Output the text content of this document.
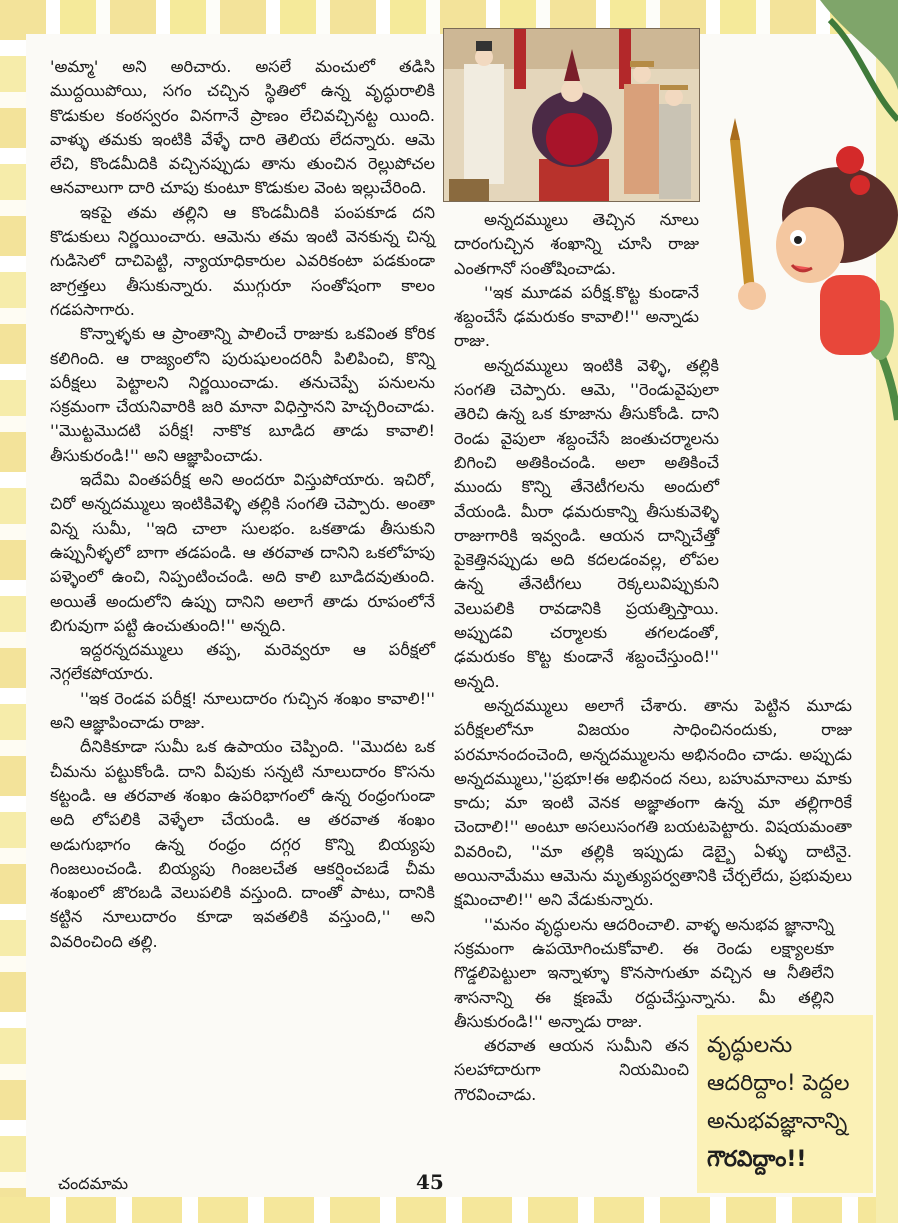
'అమ్మా' అని అరిచారు. అసలే మంచులో తడిసి ముద్దయిపోయి, సగం చచ్చిన స్థితిలో ఉన్న వృద్ధురాలికి కొడుకుల కంఠస్వరం వినగానే ప్రాణం లేచివచ్చినట్ట యింది. వాళ్ళు తమకు ఇంటికి వేళ్ళే దారి తెలియ లేదన్నారు. ఆమె లేచి, కొండమీదికి వచ్చినప్పుడు తాను తుంచిన రెల్లుపోచల ఆనవాలుగా దారి చూపు కుంటూ కొడుకుల వెంట ఇల్లుచేరింది.

ఇకపై తమ తల్లిని ఆ కొండమీదికి పంపకూడ దని కొడుకులు నిర్ణయించారు. ఆమెను తమ ఇంటి వెనకున్న చిన్న గుడిసెలో దాచిపెట్టి, న్యాయాధికారుల ఎవరికంటా పడకుండా జాగ్రత్తలు తీసుకున్నారు. ముగ్గురూ సంతోషంగా కాలం గడపసాగారు.

కొన్నాళ్ళకు ఆ ప్రాంతాన్ని పాలించే రాజుకు ఒకవింత కోరిక కలిగింది. ఆ రాజ్యంలోని పురుషులందరినీ పిలిపించి, కొన్ని పరీక్షలు పెట్టాలని నిర్ణయించాడు. తనుచెప్పే పనులను సక్రమంగా చేయనివారికి జరి మానా విధిస్తానని హెచ్చరించాడు. ''మొట్టమొదటి పరీక్ష! నాకొక బూడిద తాడు కావాలి! తీసుకురండి!'' అని ఆజ్ఞాపించాడు.

ఇదేమి వింతపరీక్ష అని అందరూ విస్తుపోయారు. ఇచిరో, చిరో అన్నదమ్ములు ఇంటికివెళ్ళి తల్లికి సంగతి చెప్పారు. అంతా విన్న సుమీ, ''ఇది చాలా సులభం. ఒకతాడు తీసుకుని ఉప్పునీళ్ళలో బాగా తడపండి. ఆ తరవాత దానిని ఒకలోహపు పళ్ళెంలో ఉంచి, నిప్పంటించండి. అది కాలి బూడిదవుతుంది. అయితే అందులోని ఉప్పు దానిని అలాగే తాడు రూపంలోనే బిగువుగా పట్టి ఉంచుతుంది!'' అన్నది.

ఇద్దరన్నదమ్ములు తప్ప, మరెవ్వరూ ఆ పరీక్షలో నెగ్గలేకపోయారు.

''ఇక రెండవ పరీక్ష! నూలుదారం గుచ్చిన శంఖం కావాలి!'' అని ఆజ్ఞాపించాడు రాజు.

దీనికికూడా సుమీ ఒక ఉపాయం చెప్పింది. ''మొదట ఒక చీమను పట్టుకోండి. దాని వీపుకు సన్నటి నూలుదారం కొసను కట్టండి. ఆ తరవాత శంఖం ఉపరిభాగంలో ఉన్న రంధ్రంగుండా అది లోపలికి వెళ్ళేలా చేయండి. ఆ తరవాత శంఖం అడుగుభాగం ఉన్న రంధ్రం దగ్గర కొన్ని బియ్యపు గింజలుంచండి. బియ్యపు గింజలచేత ఆకర్షించబడే చీమ శంఖంలో జొరబడి వెలుపలికి వస్తుంది. దాంతో పాటు, దానికి కట్టిన నూలుదారం కూడా ఇవతలికి వస్తుంది,'' అని వివరించింది తల్లి.

అన్నదమ్ములు తెచ్చిన నూలు దారంగుచ్చిన శంఖాన్ని చూసి రాజు ఎంతగానో సంతోషించాడు.

''ఇక మూడవ పరీక్ష.కొట్ట కుండానే శబ్దంచేసే ఢమరుకం కావాలి!'' అన్నాడు రాజు.

అన్నదమ్ములు ఇంటికి వెళ్ళి, తల్లికి సంగతి చెప్పారు. ఆమె, ''రెండువైపులా తెరిచి ఉన్న ఒక కూజాను తీసుకోండి. దాని రెండు వైపులా శబ్దంచేసే జంతుచర్మాలను బిగించి అతికించండి. అలా అతికించే ముందు కొన్ని తేనెటీగలను అందులో వేయండి. మీరా ఢమరుకాన్ని తీసుకువెళ్ళి రాజుగారికి ఇవ్వండి. ఆయన దాన్నిచేత్తో పైకెత్తినప్పుడు అది కదలడంవల్ల, లోపల ఉన్న తేనెటీగలు రెక్కలువిప్పుకుని వెలుపలికి రావడానికి ప్రయత్నిస్తాయి. అప్పుడవి చర్మాలకు తగలడంతో, ఢమరుకం కొట్ట కుండానే శబ్దంచేస్తుంది!'' అన్నది.

అన్నదమ్ములు అలాగే చేశారు. తాను పెట్టిన మూడు పరీక్షలలోనూ విజయం సాధించినందుకు, రాజు పరమానందంచెంది, అన్నదమ్ములను అభినందిం చాడు. అప్పుడు అన్నదమ్ములు,''ప్రభూ!ఈ అభినంద నలు, బహుమానాలు మాకు కాదు; మా ఇంటి వెనక అజ్ఞాతంగా ఉన్న మా తల్లిగారికే చెందాలి!'' అంటూ అసలుసంగతి బయటపెట్టారు. విషయమంతా వివరించి, ''మా తల్లికి ఇప్పుడు డెబ్బై ఏళ్ళు దాటినై. అయినామేము ఆమెను మృత్యుపర్వతానికి చేర్చలేదు, ప్రభువులు క్షమించాలి!'' అని వేడుకున్నారు.

''మనం వృద్ధులను ఆదరించాలి. వాళ్ళ అనుభవ జ్ఞానాన్ని సక్రమంగా ఉపయోగించుకోవాలి. ఈ రెండు లక్ష్యాలకూ గొడ్డలిపెట్టులా ఇన్నాళ్ళూ కొనసాగుతూ వచ్చిన ఆ నీతిలేని శాసనాన్ని ఈ క్షణమే రద్దుచేస్తున్నాను. మీ తల్లిని తీసుకురండి!'' అన్నాడు రాజు.

తరవాత ఆయన సుమీని తన సలహాదారుగా నియమించి గౌరవించాడు.

వృద్ధులను
ఆదరిద్దాం! పెద్దల
అనుభవజ్ఞానాన్ని
గౌరవిద్దాం!!
చందమామ	45
